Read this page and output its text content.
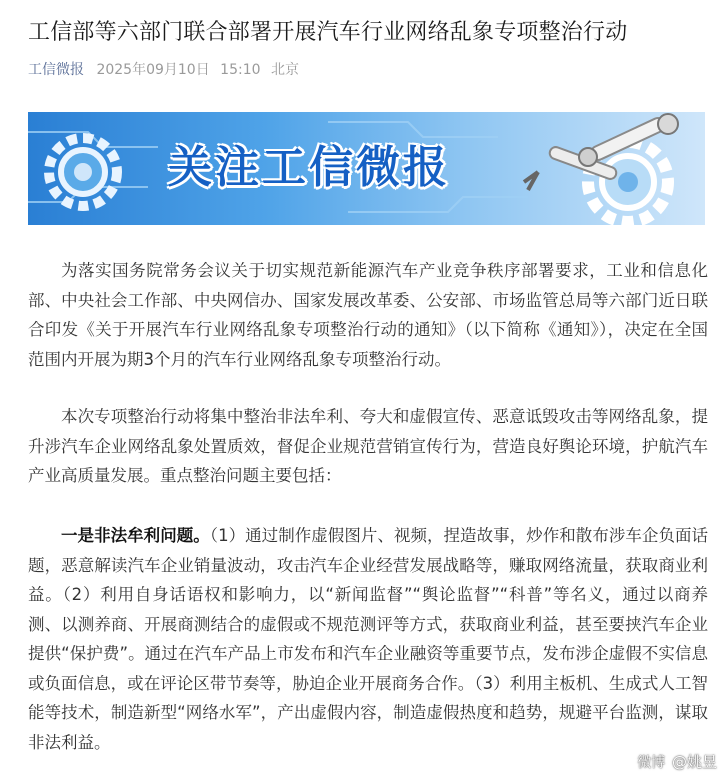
工信部等六部门联合部署开展汽车行业网络乱象专项整治行动
工信微报 2025年09月10日 15:10 北京
关注工信微报

为落实国务院常务会议关于切实规范新能源汽车产业竞争秩序部署要求，工业和信息化部、中央社会工作部、中央网信办、国家发展改革委、公安部、市场监管总局等六部门近日联合印发《关于开展汽车行业网络乱象专项整治行动的通知》（以下简称《通知》），决定在全国范围内开展为期3个月的汽车行业网络乱象专项整治行动。

本次专项整治行动将集中整治非法牟利、夸大和虚假宣传、恶意诋毁攻击等网络乱象，提升涉汽车企业网络乱象处置质效，督促企业规范营销宣传行为，营造良好舆论环境，护航汽车产业高质量发展。重点整治问题主要包括：

一是非法牟利问题。（1）通过制作虚假图片、视频，捏造故事，炒作和散布涉车企负面话题，恶意解读汽车企业销量波动，攻击汽车企业经营发展战略等，赚取网络流量，获取商业利益。（2）利用自身话语权和影响力，以“新闻监督”“舆论监督”“科普”等名义，通过以商养测、以测养商、开展商测结合的虚假或不规范测评等方式，获取商业利益，甚至要挟汽车企业提供“保护费”。通过在汽车产品上市发布和汽车企业融资等重要节点，发布涉企虚假不实信息或负面信息，或在评论区带节奏等，胁迫企业开展商务合作。（3）利用主板机、生成式人工智能等技术，制造新型“网络水军”，产出虚假内容，制造虚假热度和趋势，规避平台监测，谋取非法利益。

微博 @姚昱
